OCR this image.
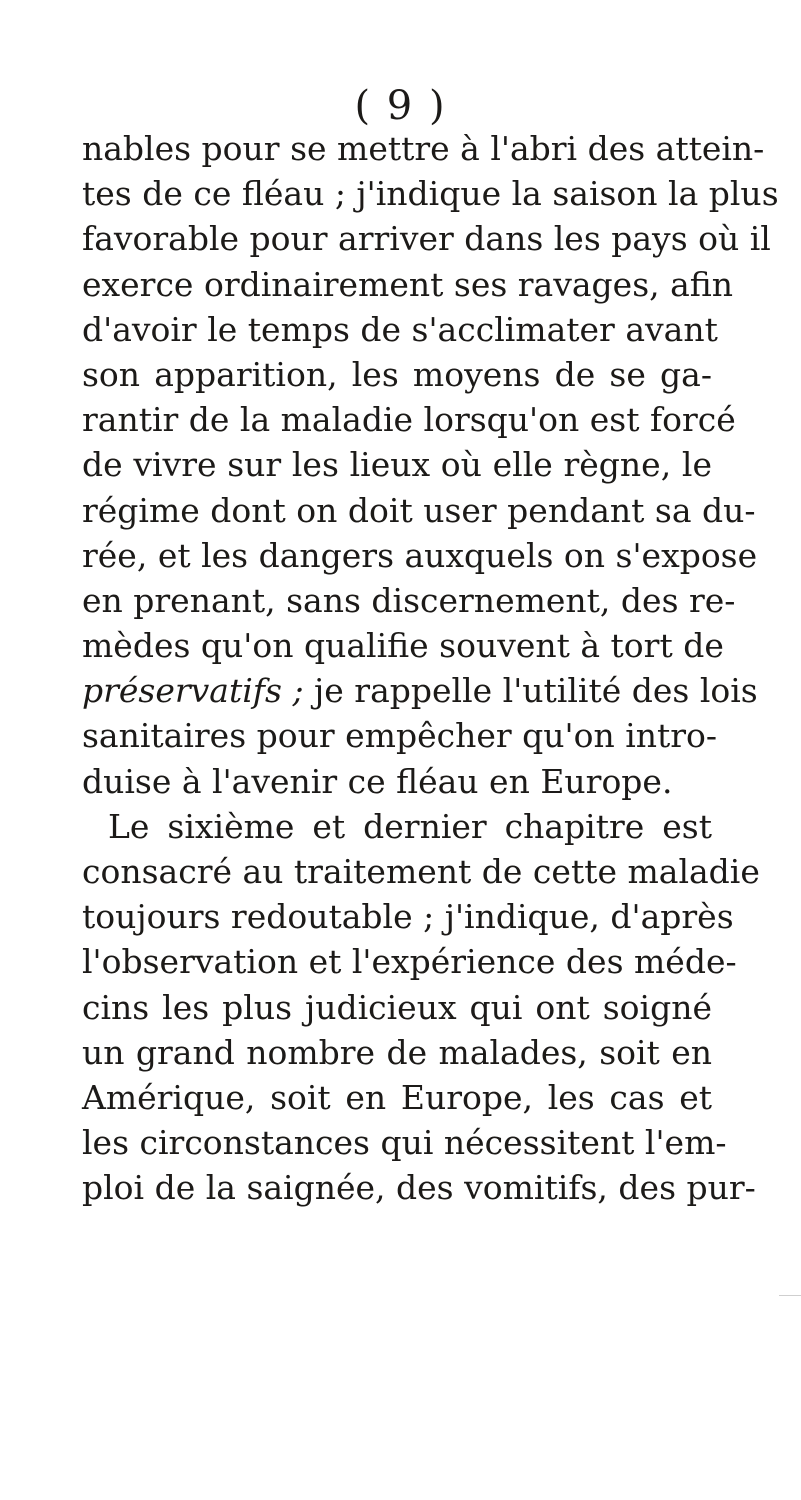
( 9 )
nables pour se mettre à l'abri des attein-
tes de ce fléau ; j'indique la saison la plus
favorable pour arriver dans les pays où il
exerce ordinairement ses ravages, afin
d'avoir le temps de s'acclimater avant
son apparition, les moyens de se ga-
rantir de la maladie lorsqu'on est forcé
de vivre sur les lieux où elle règne, le
régime dont on doit user pendant sa du-
rée, et les dangers auxquels on s'expose
en prenant, sans discernement, des re-
mèdes qu'on qualifie souvent à tort de
préservatifs ; je rappelle l'utilité des lois
sanitaires pour empêcher qu'on intro-
duise à l'avenir ce fléau en Europe.
Le sixième et dernier chapitre est
consacré au traitement de cette maladie
toujours redoutable ; j'indique, d'après
l'observation et l'expérience des méde-
cins les plus judicieux qui ont soigné
un grand nombre de malades, soit en
Amérique, soit en Europe, les cas et
les circonstances qui nécessitent l'em-
ploi de la saignée, des vomitifs, des pur-
